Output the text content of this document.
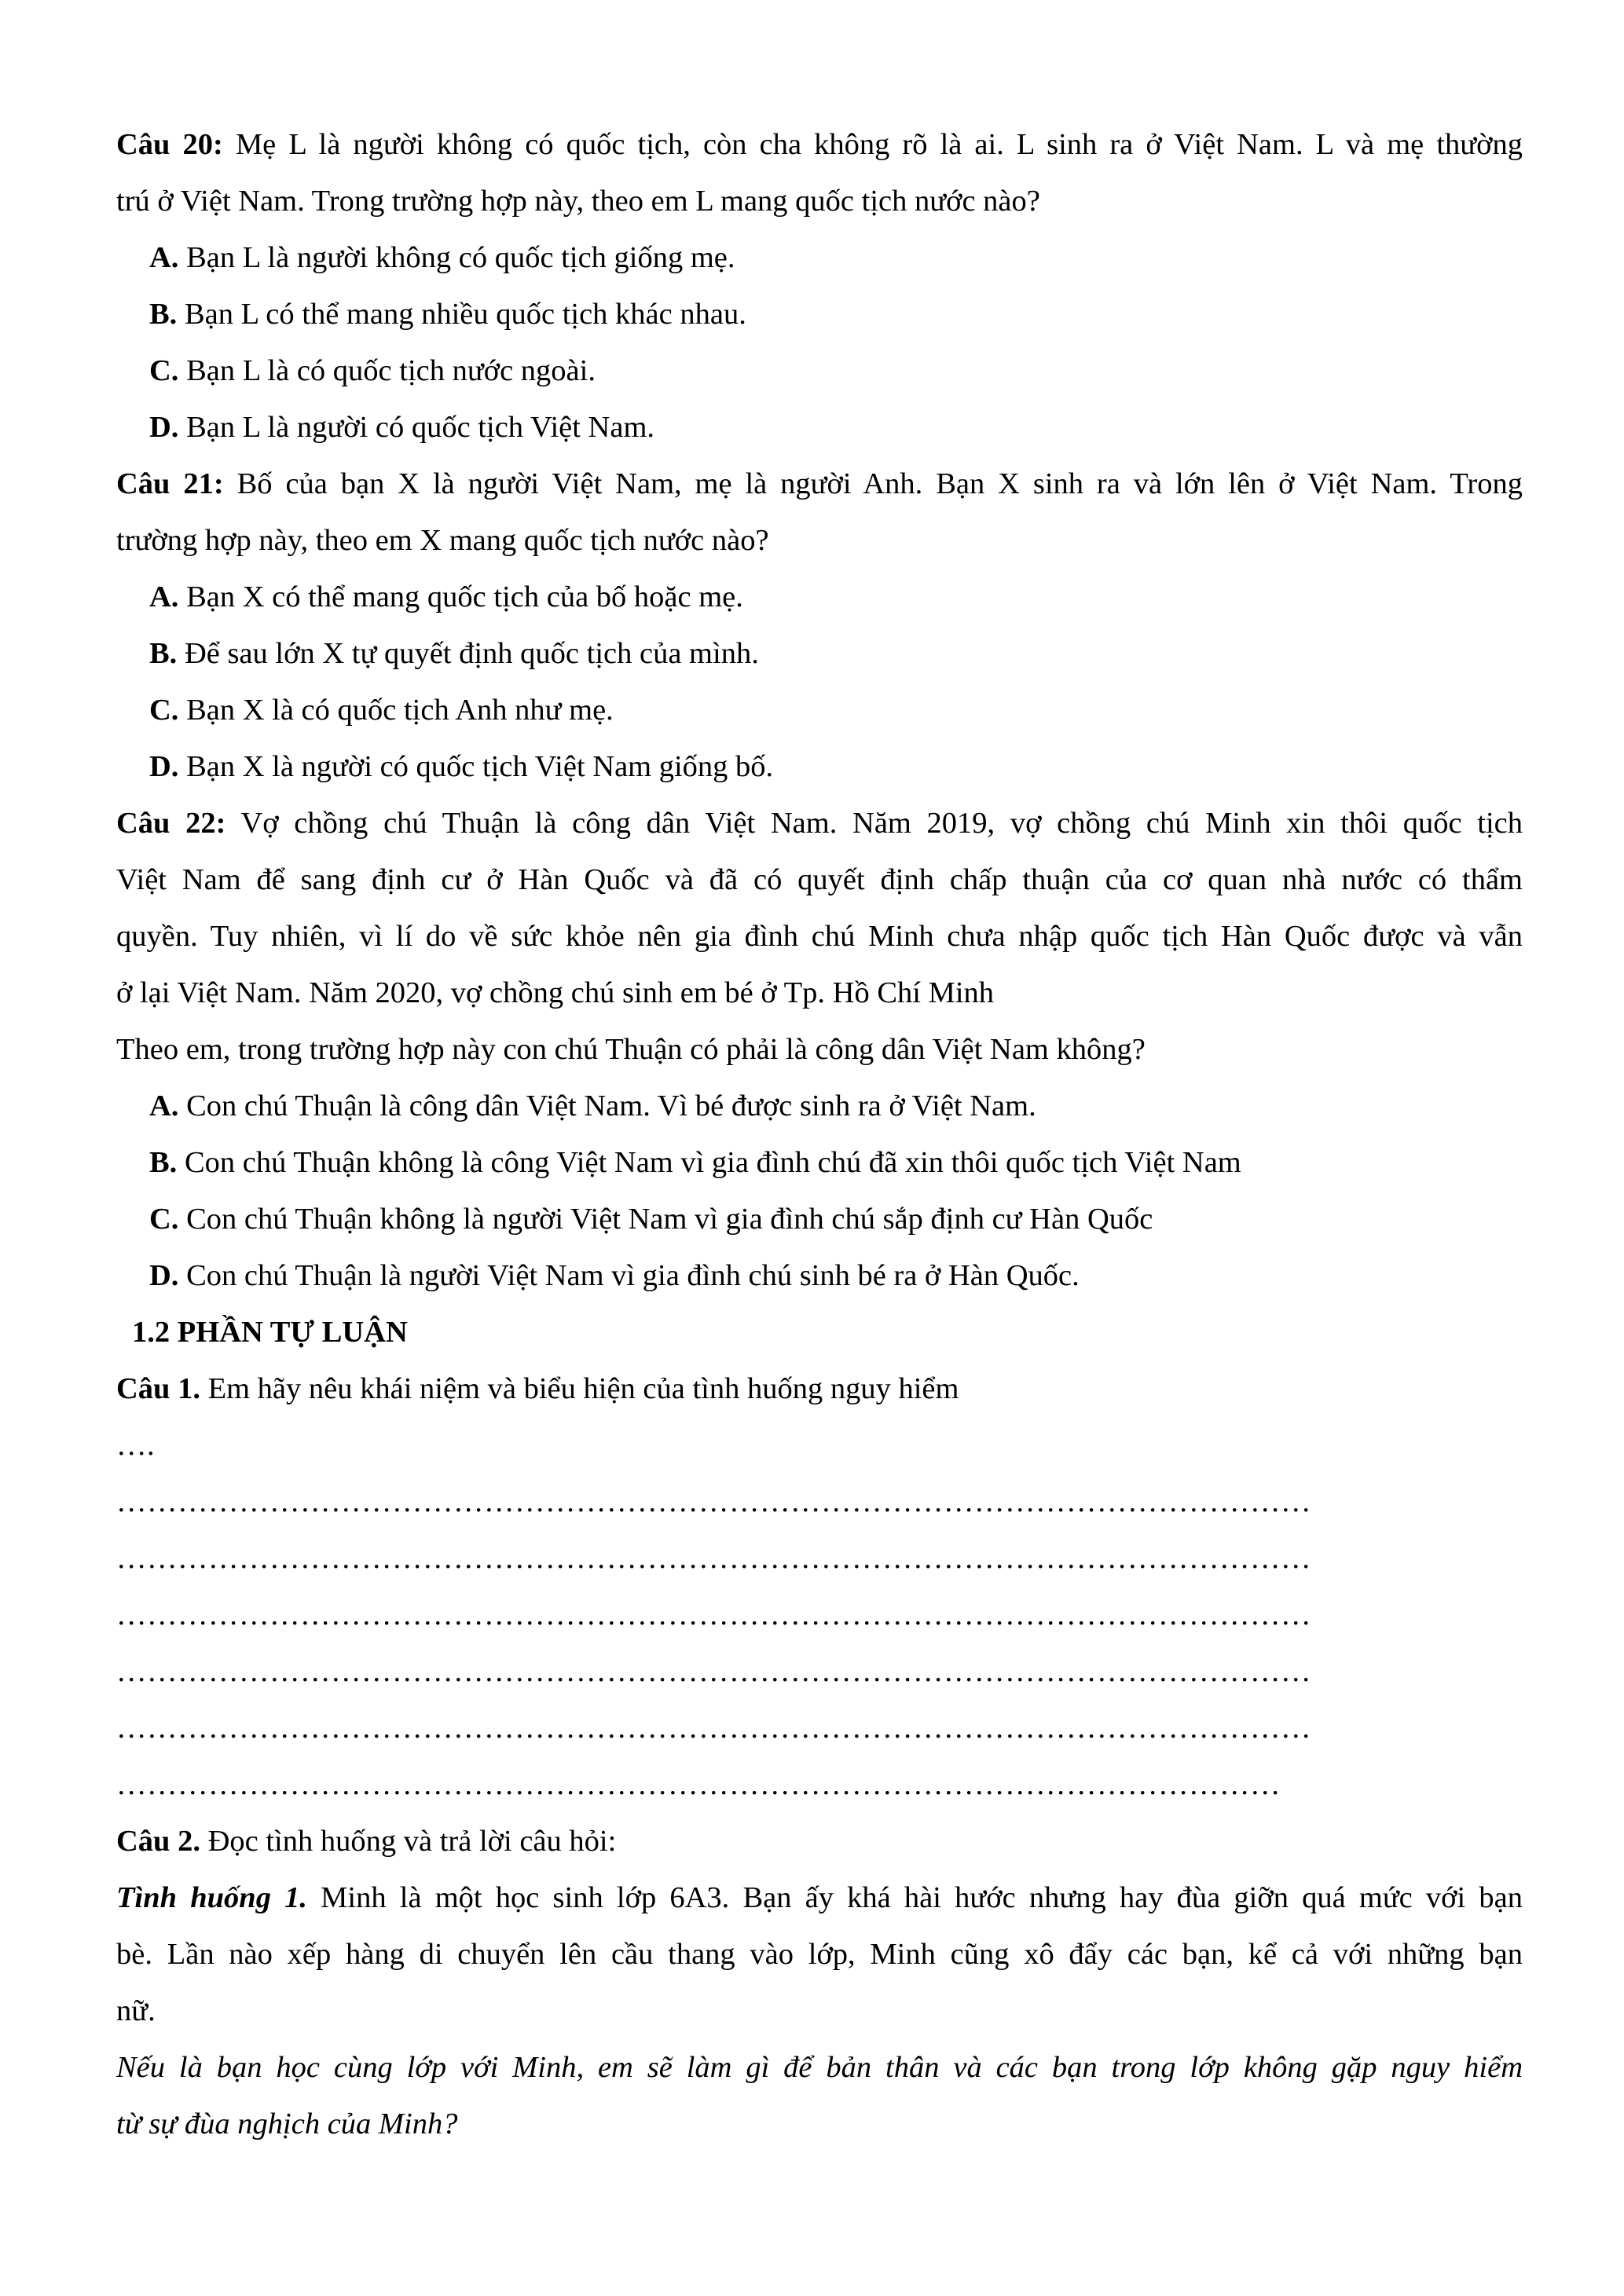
Câu 20: Mẹ L là người không có quốc tịch, còn cha không rõ là ai. L sinh ra ở Việt Nam. L và mẹ thường

trú ở Việt Nam. Trong trường hợp này, theo em L mang quốc tịch nước nào?

A. Bạn L là người không có quốc tịch giống mẹ.

B. Bạn L có thể mang nhiều quốc tịch khác nhau.

C. Bạn L là có quốc tịch nước ngoài.

D. Bạn L là người có quốc tịch Việt Nam.

Câu 21: Bố của bạn X là người Việt Nam, mẹ là người Anh. Bạn X sinh ra và lớn lên ở Việt Nam. Trong

trường hợp này, theo em X mang quốc tịch nước nào?

A. Bạn X có thể mang quốc tịch của bố hoặc mẹ.

B. Để sau lớn X tự quyết định quốc tịch của mình.

C. Bạn X là có quốc tịch Anh như mẹ.

D. Bạn X là người có quốc tịch Việt Nam giống bố.

Câu 22: Vợ chồng chú Thuận là công dân Việt Nam. Năm 2019, vợ chồng chú Minh xin thôi quốc tịch

Việt Nam để sang định cư ở Hàn Quốc và đã có quyết định chấp thuận của cơ quan nhà nước có thẩm

quyền. Tuy nhiên, vì lí do về sức khỏe nên gia đình chú Minh chưa nhập quốc tịch Hàn Quốc được và vẫn

ở lại Việt Nam. Năm 2020, vợ chồng chú sinh em bé ở Tp. Hồ Chí Minh

Theo em, trong trường hợp này con chú Thuận có phải là công dân Việt Nam không?

A. Con chú Thuận là công dân Việt Nam. Vì bé được sinh ra ở Việt Nam.

B. Con chú Thuận không là công Việt Nam vì gia đình chú đã xin thôi quốc tịch Việt Nam

C. Con chú Thuận không là người Việt Nam vì gia đình chú sắp định cư Hàn Quốc

D. Con chú Thuận là người Việt Nam vì gia đình chú sinh bé ra ở Hàn Quốc.

1.2 PHẦN TỰ LUẬN

Câu 1. Em hãy nêu khái niệm và biểu hiện của tình huống nguy hiểm

….

………………………………………………………………………………………………………

………………………………………………………………………………………………………

………………………………………………………………………………………………………

………………………………………………………………………………………………………

………………………………………………………………………………………………………

……………………………………………………………………………………………………

Câu 2. Đọc tình huống và trả lời câu hỏi:

Tình huống 1. Minh là một học sinh lớp 6A3. Bạn ấy khá hài hước nhưng hay đùa giỡn quá mức với bạn

bè. Lần nào xếp hàng di chuyển lên cầu thang vào lớp, Minh cũng xô đẩy các bạn, kể cả với những bạn

nữ.

Nếu là bạn học cùng lớp với Minh, em sẽ làm gì để bản thân và các bạn trong lớp không gặp nguy hiểm

từ sự đùa nghịch của Minh?
